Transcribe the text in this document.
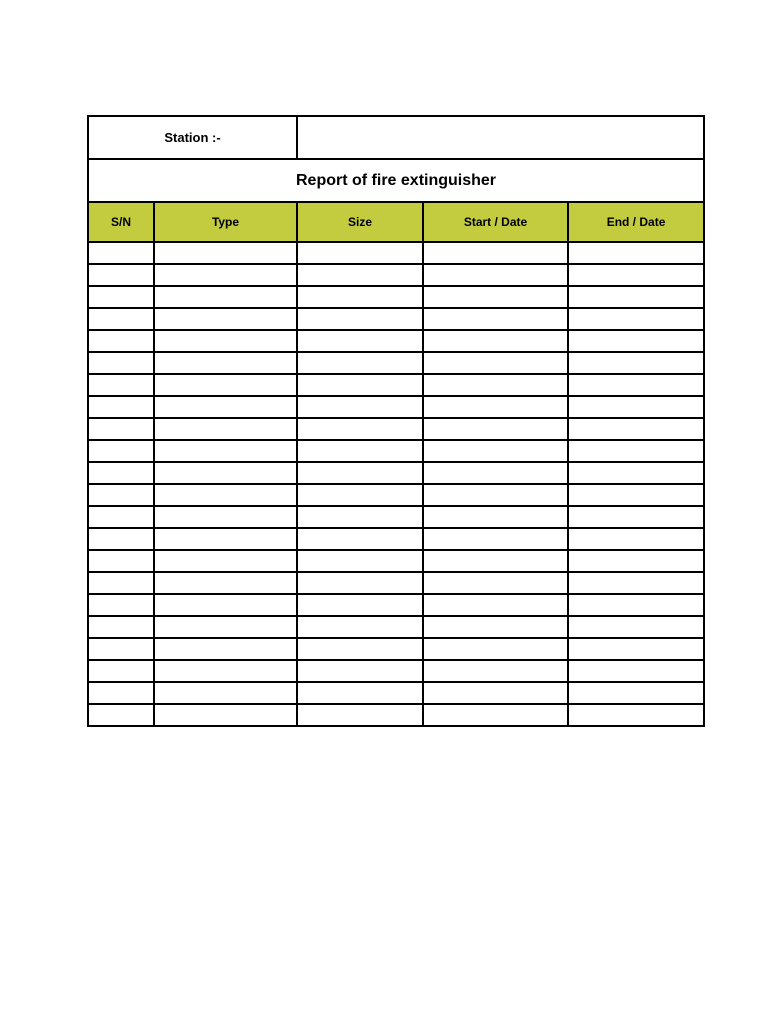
Station :-				
Report of fire extinguisher				
S/N	Type	Size	Start / Date	End / Date
